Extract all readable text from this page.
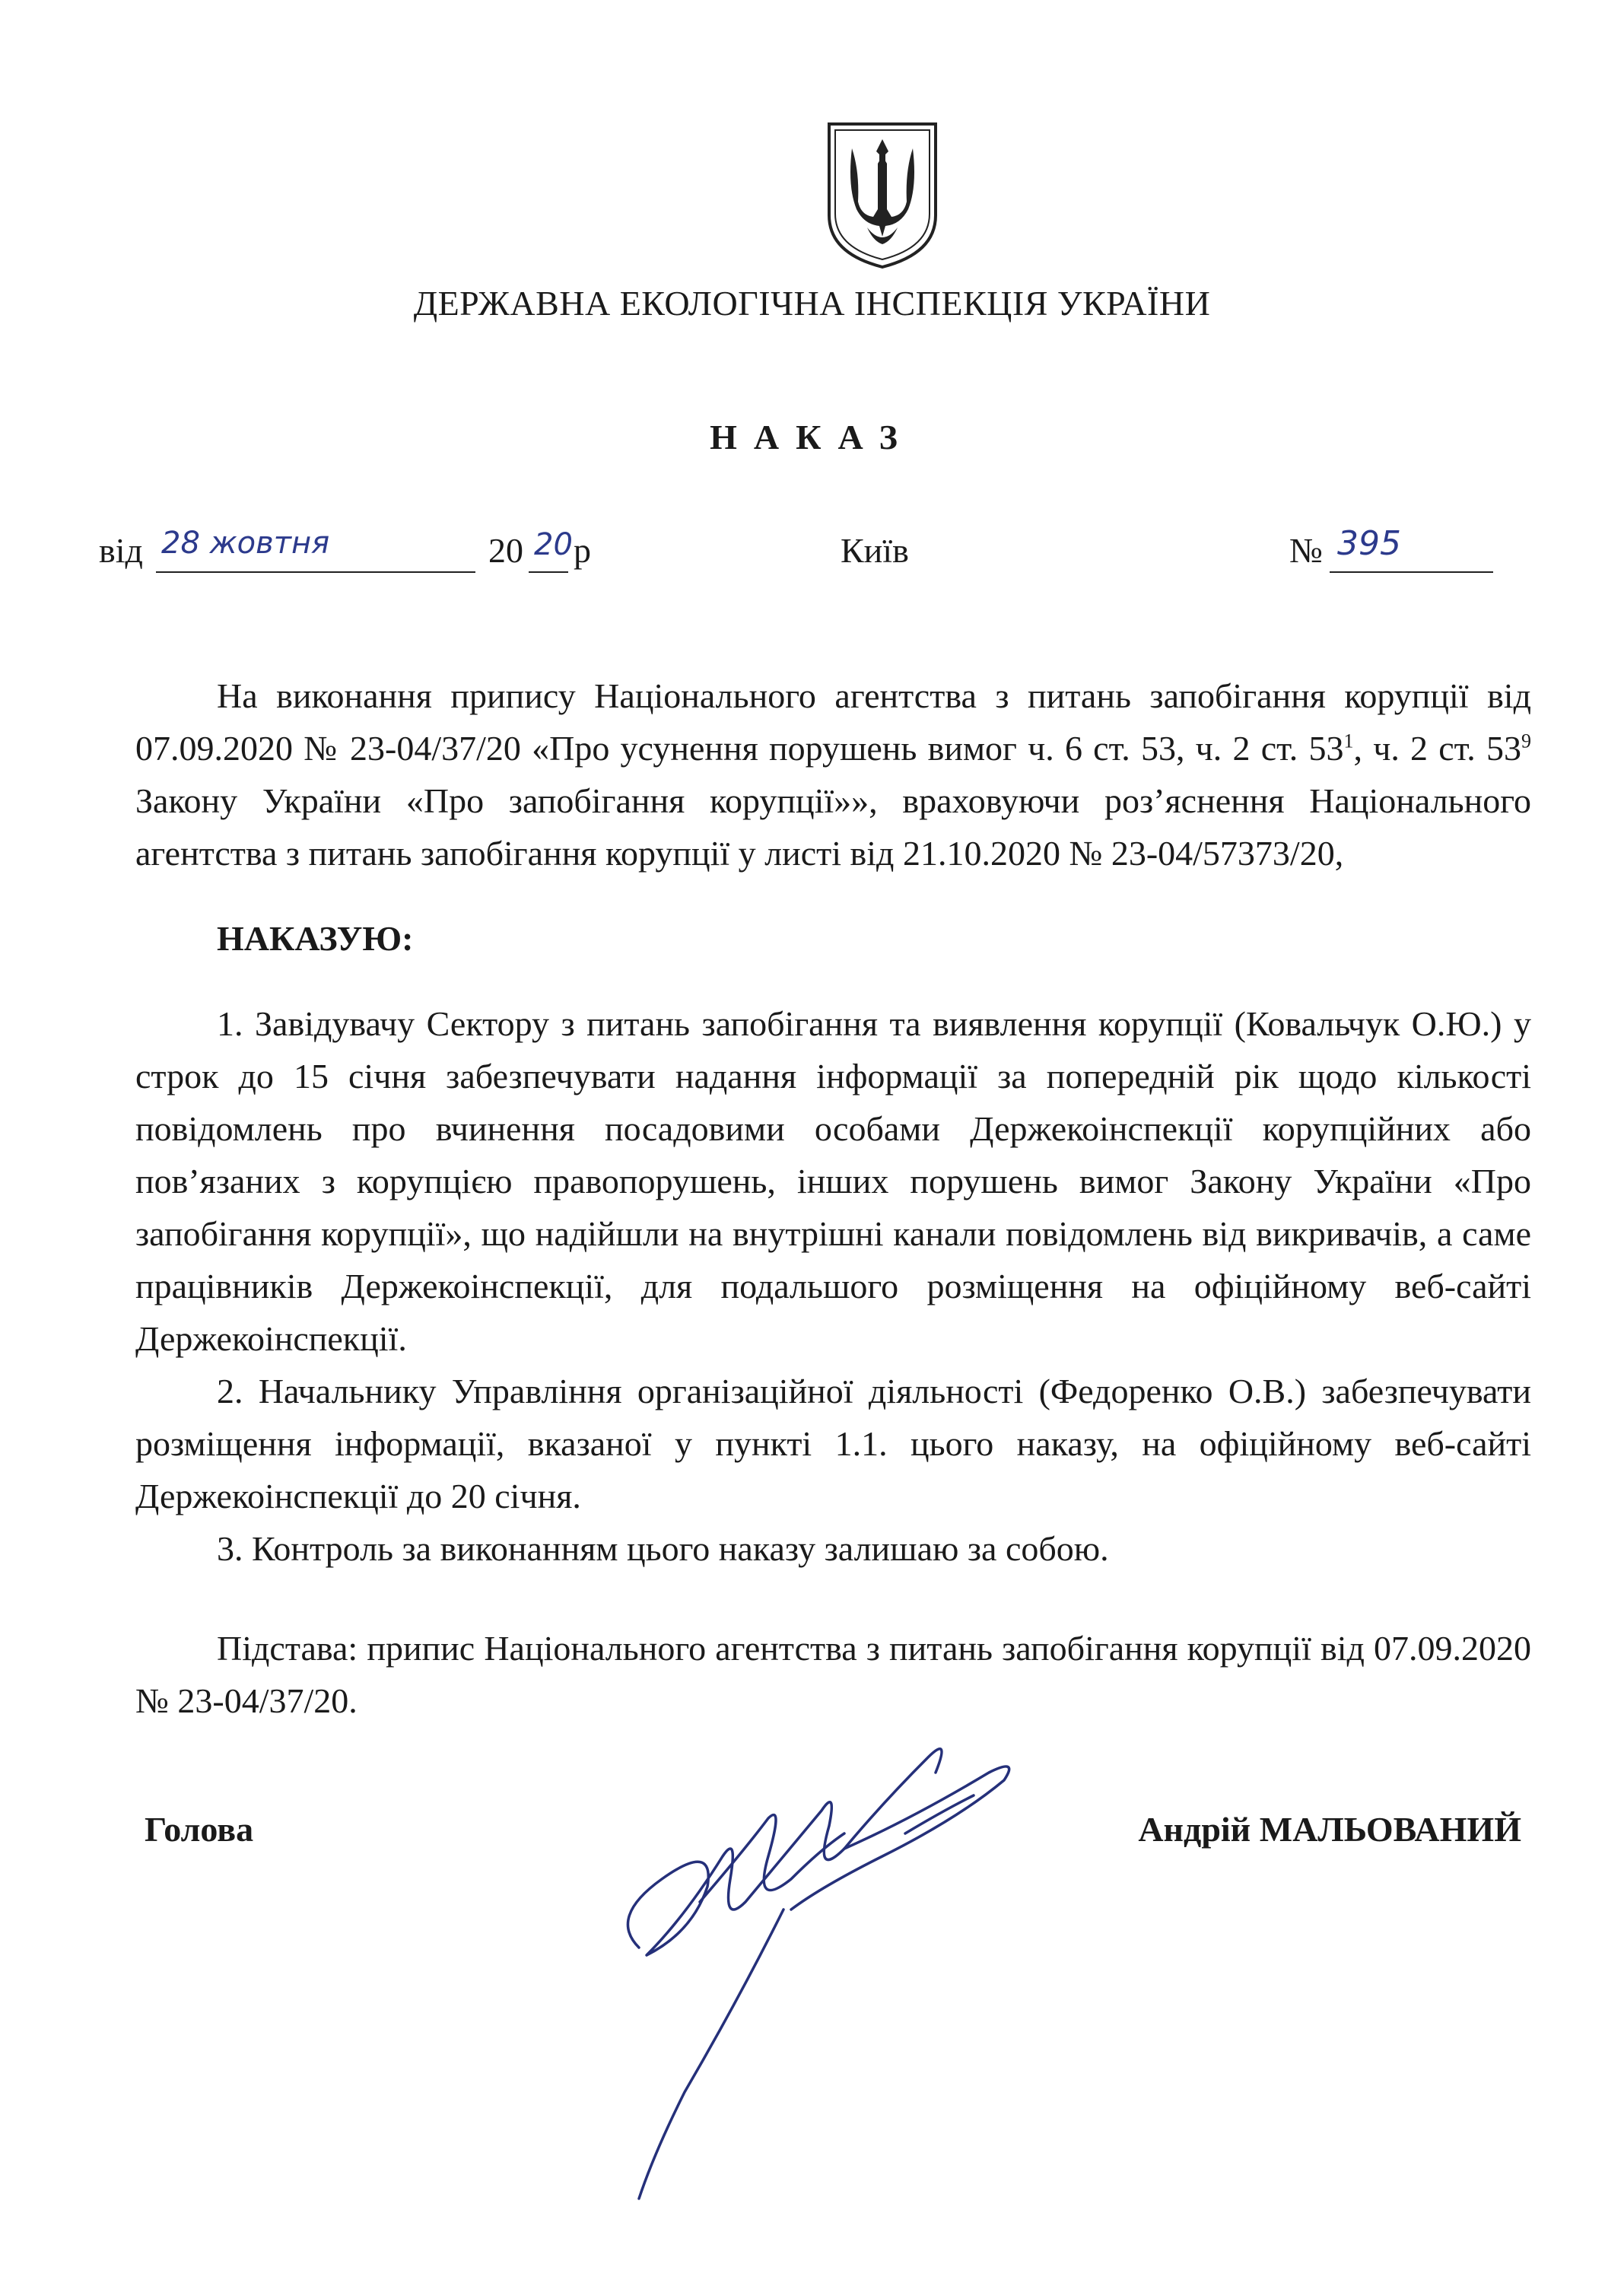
ДЕРЖАВНА ЕКОЛОГІЧНА ІНСПЕКЦІЯ УКРАЇНИ
НАКАЗ
від 28 жовтня	20 20 р	Київ	№ 395

На виконання припису Національного агентства з питань запобігання корупції від 07.09.2020 № 23-04/37/20 «Про усунення порушень вимог ч. 6 ст. 53, ч. 2 ст. $53^1$, ч. 2 ст. $53^9$ Закону України «Про запобігання корупції»», враховуючи роз’яснення Національного агентства з питань запобігання корупції у листі від 21.10.2020 № 23-04/57373/20,

НАКАЗУЮ:

1. Завідувачу Сектору з питань запобігання та виявлення корупції (Ковальчук О.Ю.) у строк до 15 січня забезпечувати надання інформації за попередній рік щодо кількості повідомлень про вчинення посадовими особами Держекоінспекції корупційних або пов’язаних з корупцією правопорушень, інших порушень вимог Закону України «Про запобігання корупції», що надійшли на внутрішні канали повідомлень від викривачів, а саме працівників Держекоінспекції, для подальшого розміщення на офіційному веб-сайті Держекоінспекції.

2. Начальнику Управління організаційної діяльності (Федоренко О.В.) забезпечувати розміщення інформації, вказаної у пункті 1.1. цього наказу, на офіційному веб-сайті Держекоінспекції до 20 січня.

3. Контроль за виконанням цього наказу залишаю за собою.

Підстава: припис Національного агентства з питань запобігання корупції від 07.09.2020 № 23-04/37/20.

Голова	Андрій МАЛЬОВАНИЙ
